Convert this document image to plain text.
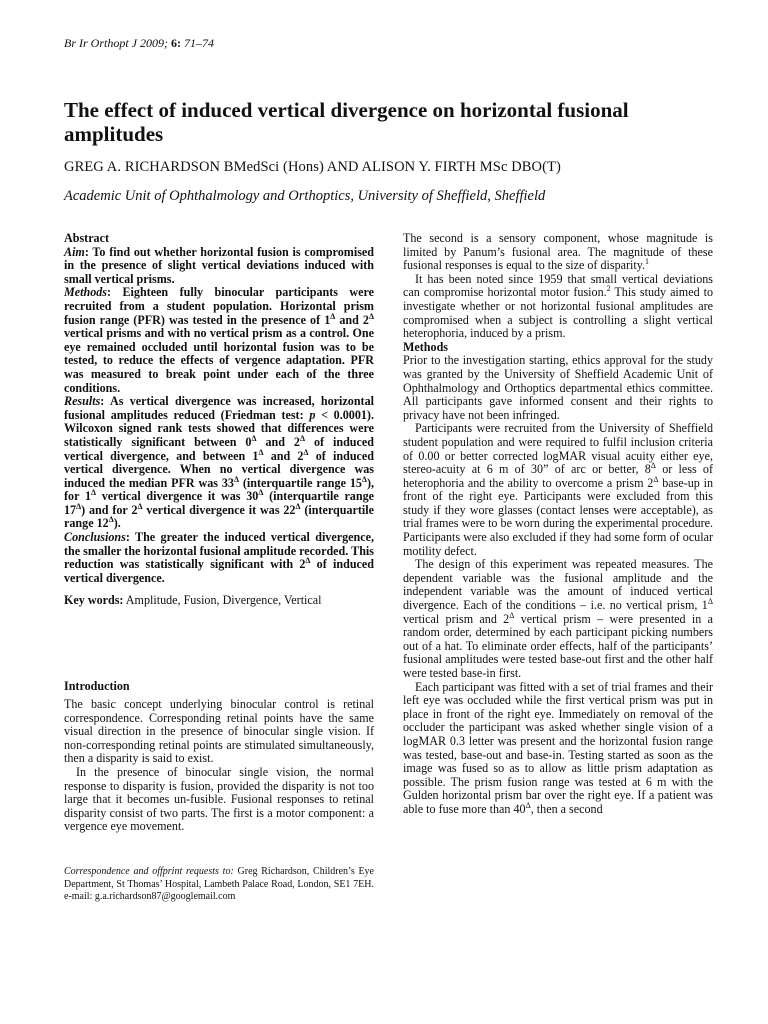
Br Ir Orthopt J 2009; 6: 71–74
The effect of induced vertical divergence on horizontal fusional amplitudes
GREG A. RICHARDSON BMedSci (Hons) AND ALISON Y. FIRTH MSc DBO(T)
Academic Unit of Ophthalmology and Orthoptics, University of Sheffield, Sheffield

Abstract

Aim: To find out whether horizontal fusion is compromised in the presence of slight vertical deviations induced with small vertical prisms.

Methods: Eighteen fully binocular participants were recruited from a student population. Horizontal prism fusion range (PFR) was tested in the presence of $1^\Delta$ and $2^\Delta$ vertical prisms and with no vertical prism as a control. One eye remained occluded until horizontal fusion was to be tested, to reduce the effects of vergence adaptation. PFR was measured to break point under each of the three conditions.

Results: As vertical divergence was increased, horizontal fusional amplitudes reduced (Friedman test: p < 0.0001). Wilcoxon signed rank tests showed that differences were statistically significant between $0^\Delta$ and $2^\Delta$ of induced vertical divergence, and between $1^\Delta$ and $2^\Delta$ of induced vertical divergence. When no vertical divergence was induced the median PFR was $33^\Delta$ (interquartile range $15^\Delta$), for $1^\Delta$ vertical divergence it was $30^\Delta$ (interquartile range $17^\Delta$) and for $2^\Delta$ vertical divergence it was $22^\Delta$ (interquartile range $12^\Delta$).

Conclusions: The greater the induced vertical divergence, the smaller the horizontal fusional amplitude recorded. This reduction was statistically significant with $2^\Delta$ of induced vertical divergence.

Key words: Amplitude, Fusion, Divergence, Vertical

Introduction

The basic concept underlying binocular control is retinal correspondence. Corresponding retinal points have the same visual direction in the presence of binocular single vision. If non-corresponding retinal points are stimulated simultaneously, then a disparity is said to exist.

In the presence of binocular single vision, the normal response to disparity is fusion, provided the disparity is not too large that it becomes un-fusible. Fusional responses to retinal disparity consist of two parts. The first is a motor component: a vergence eye movement.

Correspondence and offprint requests to: Greg Richardson, Children’s Eye Department, St Thomas’ Hospital, Lambeth Palace Road, London, SE1 7EH. e-mail: g.a.richardson87@googlemail.com

The second is a sensory component, whose magnitude is limited by Panum’s fusional area. The magnitude of these fusional responses is equal to the size of disparity.$^1$

It has been noted since 1959 that small vertical deviations can compromise horizontal motor fusion.$^2$ This study aimed to investigate whether or not horizontal fusional amplitudes are compromised when a subject is controlling a slight vertical heterophoria, induced by a prism.

Methods

Prior to the investigation starting, ethics approval for the study was granted by the University of Sheffield Academic Unit of Ophthalmology and Orthoptics departmental ethics committee. All participants gave informed consent and their rights to privacy have not been infringed.

Participants were recruited from the University of Sheffield student population and were required to fulfil inclusion criteria of 0.00 or better corrected logMAR visual acuity either eye, stereo-acuity at 6 m of 30” of arc or better, $8^\Delta$ or less of heterophoria and the ability to overcome a prism $2^\Delta$ base-up in front of the right eye. Participants were excluded from this study if they wore glasses (contact lenses were acceptable), as trial frames were to be worn during the experimental procedure. Participants were also excluded if they had some form of ocular motility defect.

The design of this experiment was repeated measures. The dependent variable was the fusional amplitude and the independent variable was the amount of induced vertical divergence. Each of the conditions – i.e. no vertical prism, $1^\Delta$ vertical prism and $2^\Delta$ vertical prism – were presented in a random order, determined by each participant picking numbers out of a hat. To eliminate order effects, half of the participants’ fusional amplitudes were tested base-out first and the other half were tested base-in first.

Each participant was fitted with a set of trial frames and their left eye was occluded while the first vertical prism was put in place in front of the right eye. Immediately on removal of the occluder the participant was asked whether single vision of a logMAR 0.3 letter was present and the horizontal fusion range was tested, base-out and base-in. Testing started as soon as the image was fused so as to allow as little prism adaptation as possible. The prism fusion range was tested at 6 m with the Gulden horizontal prism bar over the right eye. If a patient was able to fuse more than $40^\Delta$, then a second
